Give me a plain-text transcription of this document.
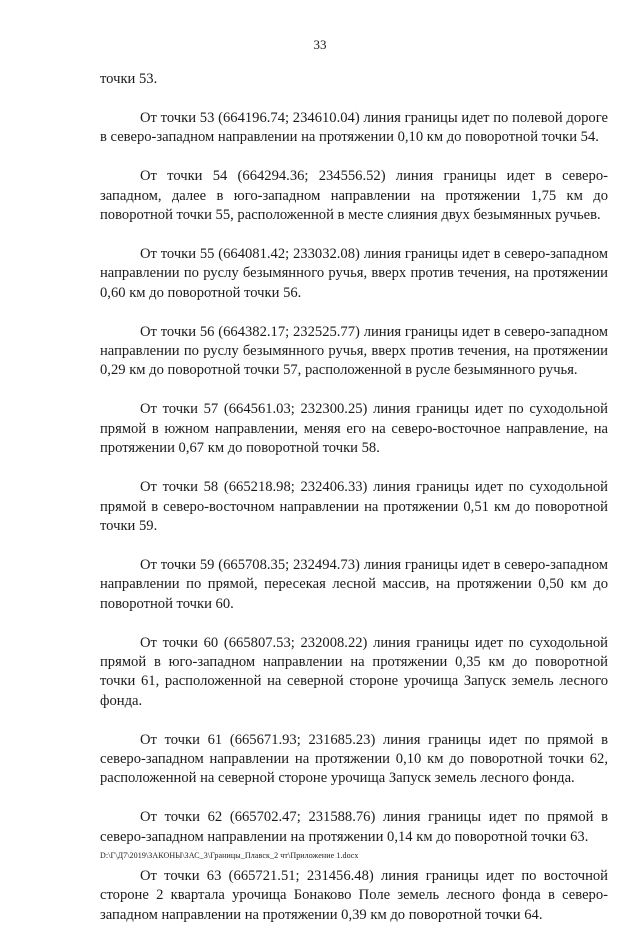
33

точки 53.

От точки 53 (664196.74; 234610.04) линия границы идет по полевой дороге в северо-западном направлении на протяжении 0,10 км до поворотной точки 54.

От точки 54 (664294.36; 234556.52) линия границы идет в северо-западном, далее в юго-западном направлении на протяжении 1,75 км до поворотной точки 55, расположенной в месте слияния двух безымянных ручьев.

От точки 55 (664081.42; 233032.08) линия границы идет в северо-западном направлении по руслу безымянного ручья, вверх против течения, на протяжении 0,60 км до поворотной точки 56.

От точки 56 (664382.17; 232525.77) линия границы идет в северо-западном направлении по руслу безымянного ручья, вверх против течения, на протяжении 0,29 км до поворотной точки 57, расположенной в русле безымянного ручья.

От точки 57 (664561.03; 232300.25) линия границы идет по суходольной прямой в южном направлении, меняя его на северо-восточное направление, на протяжении 0,67 км до поворотной точки 58.

От точки 58 (665218.98; 232406.33) линия границы идет по суходольной прямой в северо-восточном направлении на протяжении 0,51 км до поворотной точки 59.

От точки 59 (665708.35; 232494.73) линия границы идет в северо-западном направлении по прямой, пересекая лесной массив, на протяжении 0,50 км до поворотной точки 60.

От точки 60 (665807.53; 232008.22) линия границы идет по суходольной прямой в юго-западном направлении на протяжении 0,35 км до поворотной точки 61, расположенной на северной стороне урочища Запуск земель лесного фонда.

От точки 61 (665671.93; 231685.23) линия границы идет по прямой в северо-западном направлении на протяжении 0,10 км до поворотной точки 62, расположенной на северной стороне урочища Запуск земель лесного фонда.

От точки 62 (665702.47; 231588.76) линия границы идет по прямой в северо-западном направлении на протяжении 0,14 км до поворотной точки 63.

От точки 63 (665721.51; 231456.48) линия границы идет по восточной стороне 2 квартала урочища Бонаково Поле земель лесного фонда в северо-западном направлении на протяжении 0,39 км до поворотной точки 64.

D:\Г\Д7\2019\ЗАКОНЫ\ЗАС_3\Границы_Плавск_2 чт\Приложение 1.docx
